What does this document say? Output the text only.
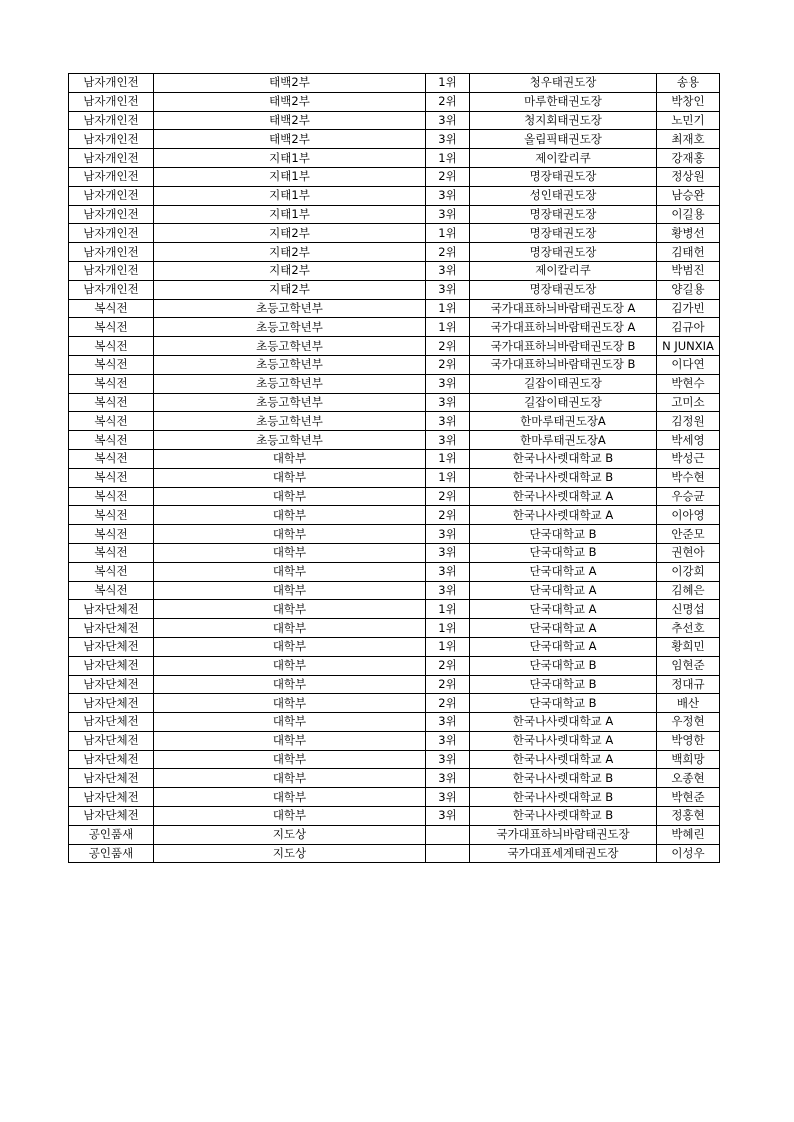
남자개인전	태백2부	1위	청우태권도장	송용
남자개인전	태백2부	2위	마루한태권도장	박창인
남자개인전	태백2부	3위	청지회태권도장	노민기
남자개인전	태백2부	3위	올림픽태권도장	최재호
남자개인전	지태1부	1위	제이칼리쿠	강재홍
남자개인전	지태1부	2위	명장태권도장	정상원
남자개인전	지태1부	3위	성인태권도장	남승완
남자개인전	지태1부	3위	명장태권도장	이길용
남자개인전	지태2부	1위	명장태권도장	황병선
남자개인전	지태2부	2위	명장태권도장	김태헌
남자개인전	지태2부	3위	제이칼리쿠	박범진
남자개인전	지태2부	3위	명장태권도장	양길용
복식전	초등고학년부	1위	국가대표하늬바람태권도장 A	김가빈
복식전	초등고학년부	1위	국가대표하늬바람태권도장 A	김규아
복식전	초등고학년부	2위	국가대표하늬바람태권도장 B	N JUNXIA
복식전	초등고학년부	2위	국가대표하늬바람태권도장 B	이다연
복식전	초등고학년부	3위	길잡이태권도장	박현수
복식전	초등고학년부	3위	길잡이태권도장	고미소
복식전	초등고학년부	3위	한마루태권도장A	김정원
복식전	초등고학년부	3위	한마루태권도장A	박세영
복식전	대학부	1위	한국나사렛대학교 B	박성근
복식전	대학부	1위	한국나사렛대학교 B	박수현
복식전	대학부	2위	한국나사렛대학교 A	우승균
복식전	대학부	2위	한국나사렛대학교 A	이아영
복식전	대학부	3위	단국대학교 B	안준모
복식전	대학부	3위	단국대학교 B	권현아
복식전	대학부	3위	단국대학교 A	이강희
복식전	대학부	3위	단국대학교 A	김혜은
남자단체전	대학부	1위	단국대학교 A	신명섭
남자단체전	대학부	1위	단국대학교 A	추선호
남자단체전	대학부	1위	단국대학교 A	황희민
남자단체전	대학부	2위	단국대학교 B	임현준
남자단체전	대학부	2위	단국대학교 B	정대규
남자단체전	대학부	2위	단국대학교 B	배산
남자단체전	대학부	3위	한국나사렛대학교 A	우정현
남자단체전	대학부	3위	한국나사렛대학교 A	박영한
남자단체전	대학부	3위	한국나사렛대학교 A	백희망
남자단체전	대학부	3위	한국나사렛대학교 B	오종현
남자단체전	대학부	3위	한국나사렛대학교 B	박현준
남자단체전	대학부	3위	한국나사렛대학교 B	정홍현
공인품새	지도상		국가대표하늬바람태권도장	박혜린
공인품새	지도상		국가대표세계태권도장	이성우
